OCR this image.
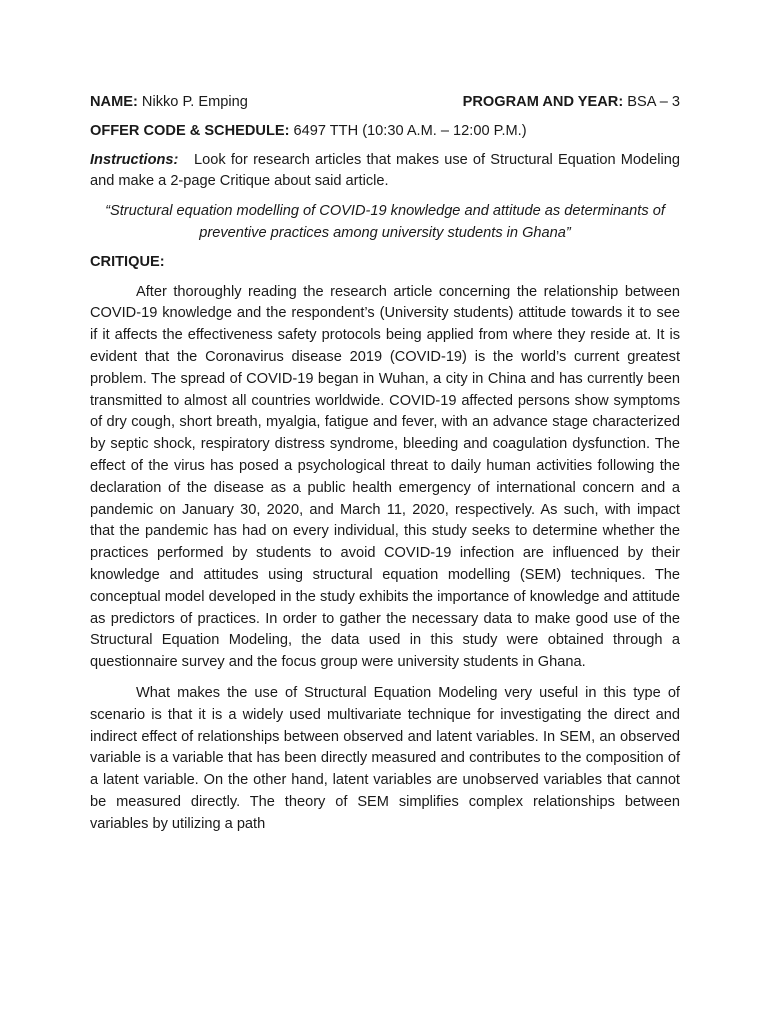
NAME: Nikko P. Emping	PROGRAM AND YEAR: BSA – 3
OFFER CODE & SCHEDULE: 6497 TTH (10:30 A.M. – 12:00 P.M.)
Instructions: Look for research articles that makes use of Structural Equation Modeling and make a 2-page Critique about said article.
“Structural equation modelling of COVID-19 knowledge and attitude as determinants of preventive practices among university students in Ghana”
CRITIQUE:

After thoroughly reading the research article concerning the relationship between COVID-19 knowledge and the respondent’s (University students) attitude towards it to see if it affects the effectiveness safety protocols being applied from where they reside at. It is evident that the Coronavirus disease 2019 (COVID-19) is the world’s current greatest problem. The spread of COVID-19 began in Wuhan, a city in China and has currently been transmitted to almost all countries worldwide. COVID-19 affected persons show symptoms of dry cough, short breath, myalgia, fatigue and fever, with an advance stage characterized by septic shock, respiratory distress syndrome, bleeding and coagulation dysfunction. The effect of the virus has posed a psychological threat to daily human activities following the declaration of the disease as a public health emergency of international concern and a pandemic on January 30, 2020, and March 11, 2020, respectively. As such, with impact that the pandemic has had on every individual, this study seeks to determine whether the practices performed by students to avoid COVID-19 infection are influenced by their knowledge and attitudes using structural equation modelling (SEM) techniques. The conceptual model developed in the study exhibits the importance of knowledge and attitude as predictors of practices. In order to gather the necessary data to make good use of the Structural Equation Modeling, the data used in this study were obtained through a questionnaire survey and the focus group were university students in Ghana.

What makes the use of Structural Equation Modeling very useful in this type of scenario is that it is a widely used multivariate technique for investigating the direct and indirect effect of relationships between observed and latent variables. In SEM, an observed variable is a variable that has been directly measured and contributes to the composition of a latent variable. On the other hand, latent variables are unobserved variables that cannot be measured directly. The theory of SEM simplifies complex relationships between variables by utilizing a path
